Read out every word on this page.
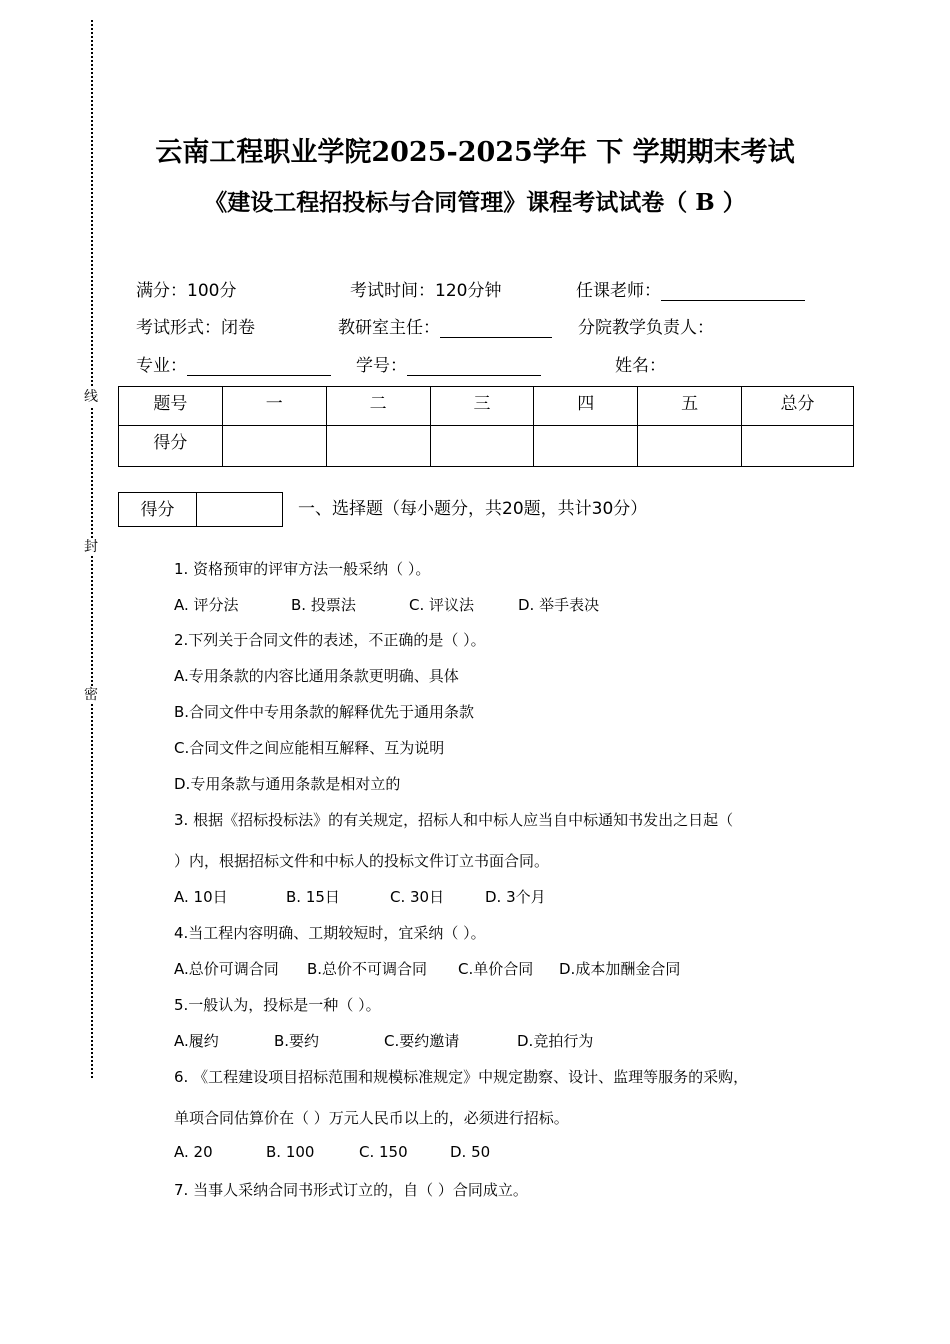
线
封
密
云南工程职业学院2025-2025学年 下 学期期末考试
《建设工程招投标与合同管理》课程考试试卷（ B ）
满分：100分	考试时间：120分钟	任课老师：
考试形式：闭卷	教研室主任：	分院教学负责人：
专业：	学号：	姓名：
题号	一	二	三	四	五	总分
得分						
得分		一、选择题（每小题分，共20题，共计30分）
1. 资格预审的评审方法一般采纳（ ）。
A. 评分法	B. 投票法	C. 评议法	D. 举手表决
2.下列关于合同文件的表述，不正确的是（ ）。
A.专用条款的内容比通用条款更明确、具体
B.合同文件中专用条款的解释优先于通用条款
C.合同文件之间应能相互解释、互为说明
D.专用条款与通用条款是相对立的
3. 根据《招标投标法》的有关规定，招标人和中标人应当自中标通知书发出之日起（
）内，根据招标文件和中标人的投标文件订立书面合同。
A. 10日	B. 15日	C. 30日	D. 3个月
4.当工程内容明确、工期较短时，宜采纳（ ）。
A.总价可调合同 B.总价不可调合同 C.单价合同 D.成本加酬金合同
5.一般认为，投标是一种（ ）。
A.履约	B.要约	C.要约邀请	D.竞拍行为
6. 《工程建设项目招标范围和规模标准规定》中规定勘察、设计、监理等服务的采购，
单项合同估算价在（ ）万元人民币以上的，必须进行招标。
A. 20	B. 100	C. 150	D. 50
7. 当事人采纳合同书形式订立的，自（ ）合同成立。
